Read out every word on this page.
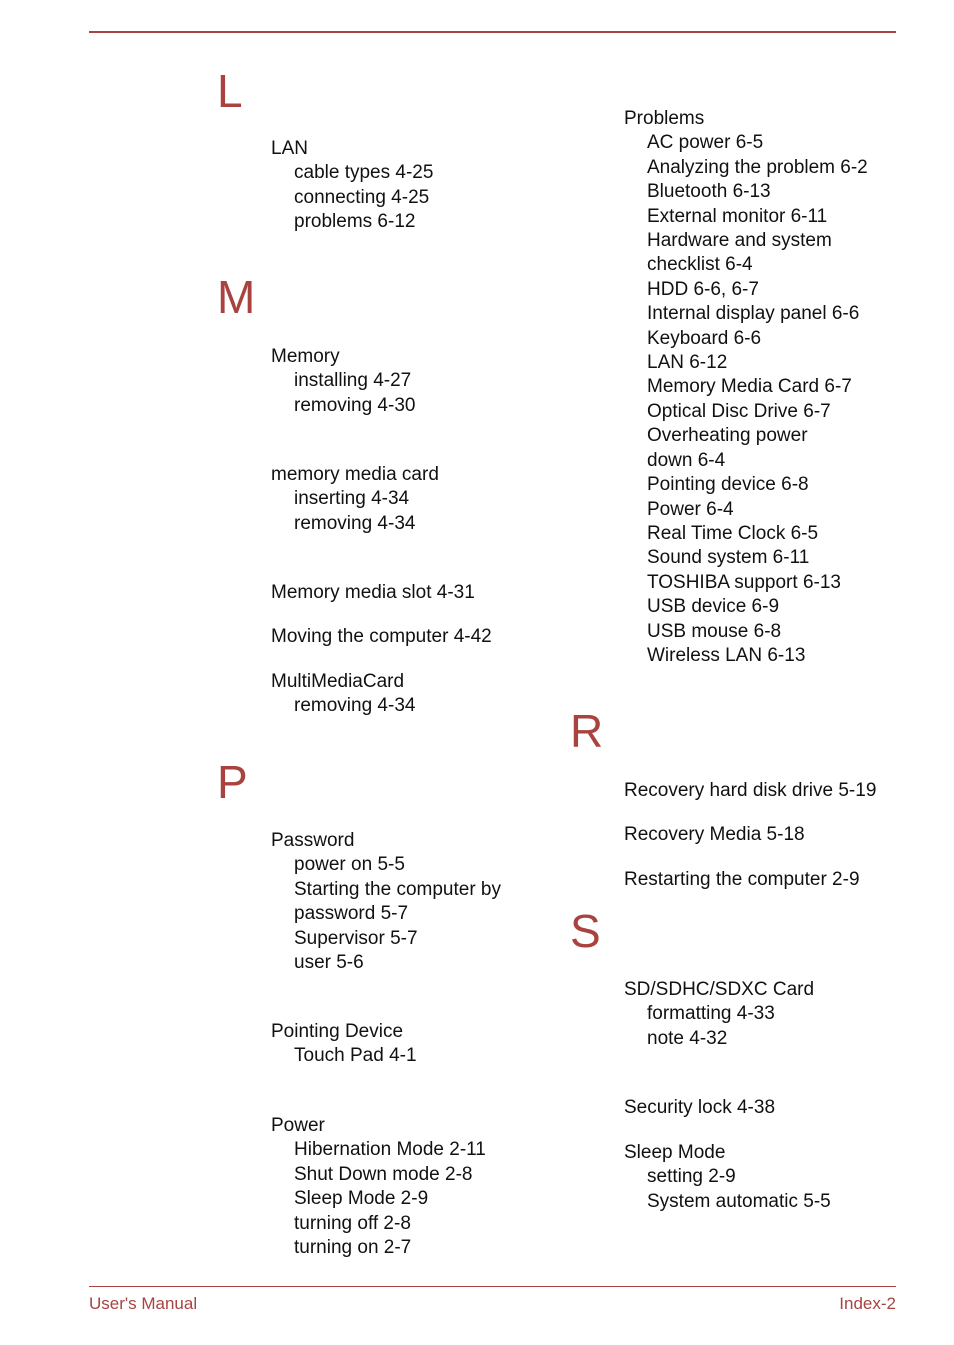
L
M
P
R
S
LAN
cable types 4-25
connecting 4-25
problems 6-12
Memory
installing 4-27
removing 4-30
memory media card
inserting 4-34
removing 4-34
Memory media slot 4-31
Moving the computer 4-42
MultiMediaCard
removing 4-34
Password
power on 5-5
Starting the computer by
password 5-7
Supervisor 5-7
user 5-6
Pointing Device
Touch Pad 4-1
Power
Hibernation Mode 2-11
Shut Down mode 2-8
Sleep Mode 2-9
turning off 2-8
turning on 2-7
Problems
AC power 6-5
Analyzing the problem 6-2
Bluetooth 6-13
External monitor 6-11
Hardware and system
checklist 6-4
HDD 6-6, 6-7
Internal display panel 6-6
Keyboard 6-6
LAN 6-12
Memory Media Card 6-7
Optical Disc Drive 6-7
Overheating power
down 6-4
Pointing device 6-8
Power 6-4
Real Time Clock 6-5
Sound system 6-11
TOSHIBA support 6-13
USB device 6-9
USB mouse 6-8
Wireless LAN 6-13
Recovery hard disk drive 5-19
Recovery Media 5-18
Restarting the computer 2-9
SD/SDHC/SDXC Card
formatting 4-33
note 4-32
Security lock 4-38
Sleep Mode
setting 2-9
System automatic 5-5
User's Manual	Index-2
